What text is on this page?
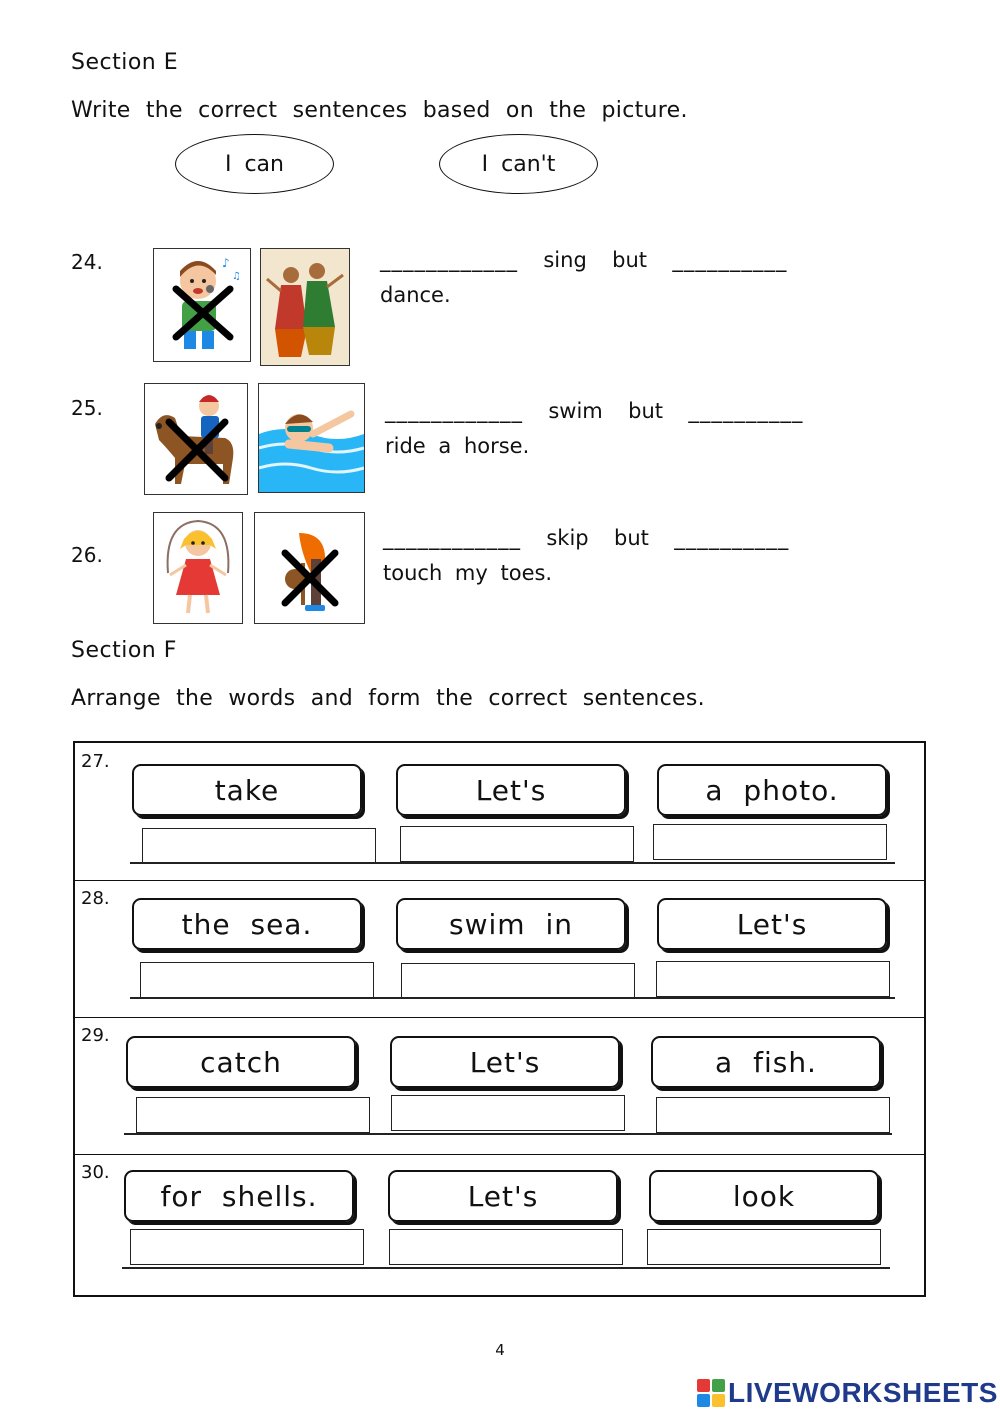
Section E
Write the correct sentences based on the picture.
I can	I can't
24.	♪
♫
____________ sing but __________
dance.
25.	____________ swim but __________
ride a horse.
26.
____________ skip but __________
touch my toes.
Section F
Arrange the words and form the correct sentences.
27.
take	Let's	a photo.
28.
the sea.	swim in	Let's
29.
catch	Let's	a fish.
30.
for shells.	Let's	look
4
LIVEWORKSHEETS
